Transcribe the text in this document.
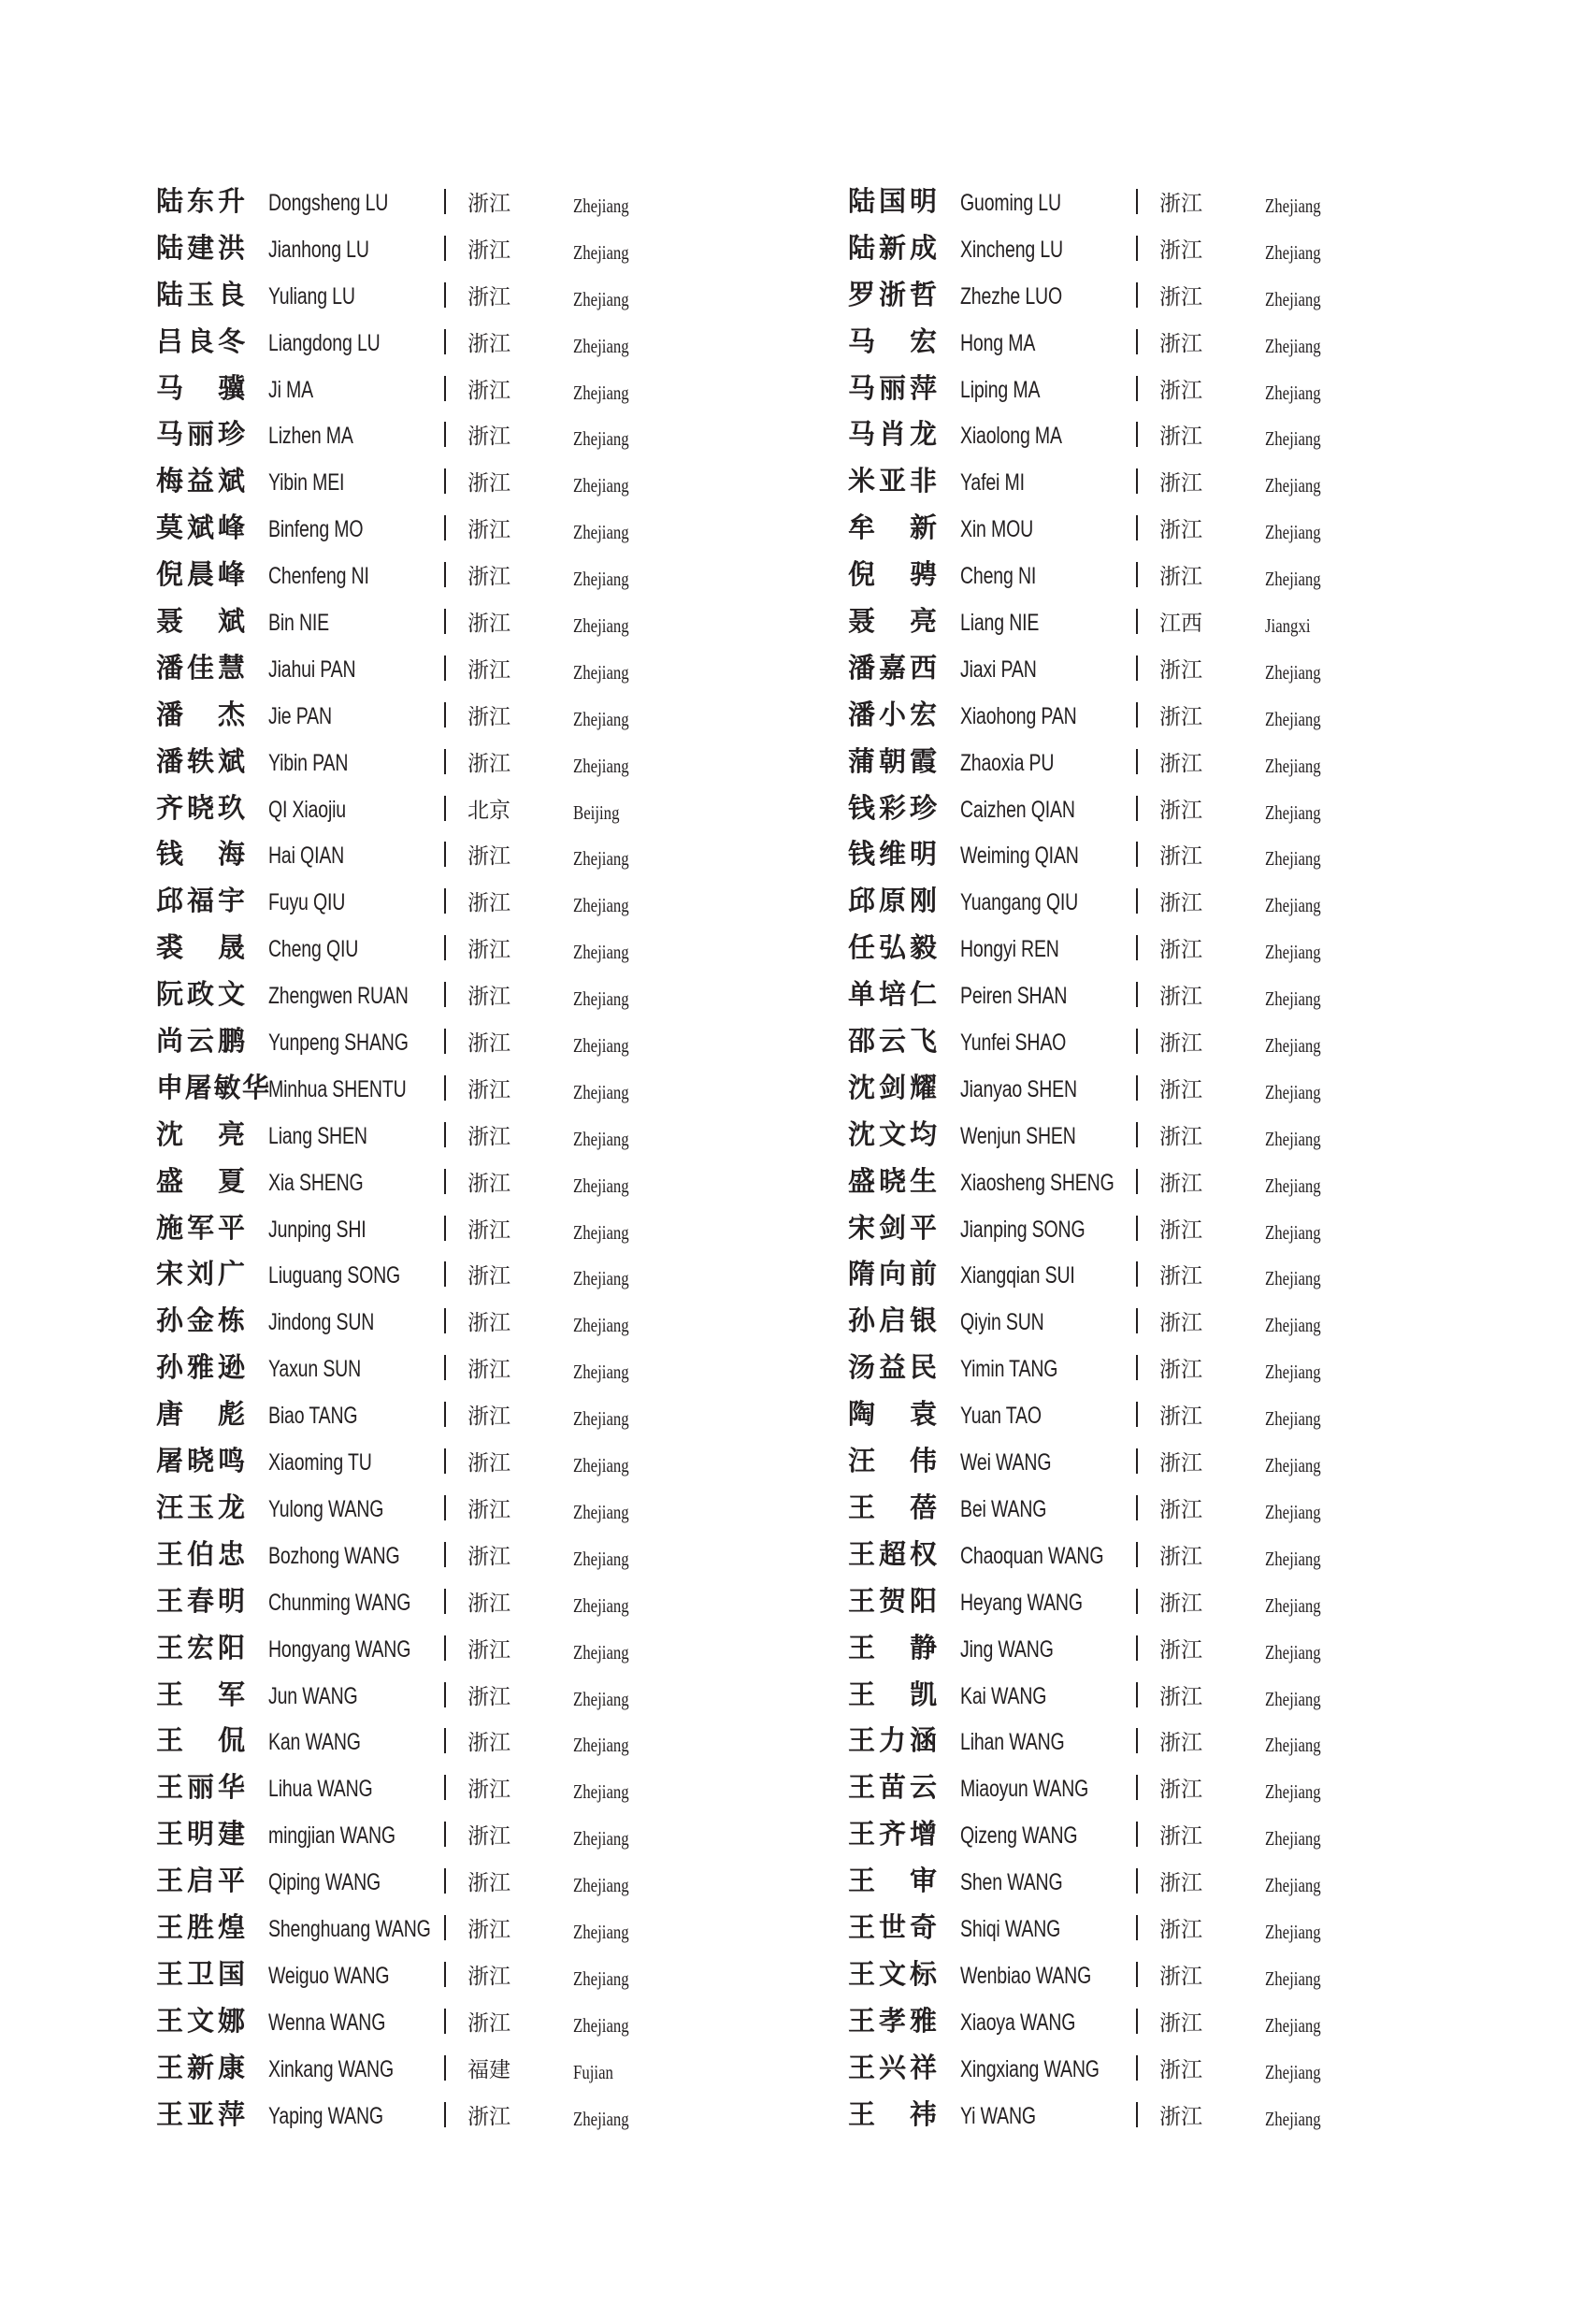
陆东升 Dongsheng LU	浙江	Zhejiang
陆建洪 Jianhong LU	浙江	Zhejiang
陆玉良 Yuliang LU	浙江	Zhejiang
吕良冬 Liangdong LU	浙江	Zhejiang
马 骥 Ji MA	浙江	Zhejiang
马丽珍 Lizhen MA	浙江	Zhejiang
梅益斌 Yibin MEI	浙江	Zhejiang
莫斌峰 Binfeng MO	浙江	Zhejiang
倪晨峰 Chenfeng NI	浙江	Zhejiang
聂 斌 Bin NIE	浙江	Zhejiang
潘佳慧 Jiahui PAN	浙江	Zhejiang
潘 杰 Jie PAN	浙江	Zhejiang
潘轶斌 Yibin PAN	浙江	Zhejiang
齐晓玖 QI Xiaojiu	北京	Beijing
钱 海 Hai QIAN	浙江	Zhejiang
邱福宇 Fuyu QIU	浙江	Zhejiang
裘 晟 Cheng QIU	浙江	Zhejiang
阮政文 Zhengwen RUAN	浙江	Zhejiang
尚云鹏 Yunpeng SHANG	浙江	Zhejiang
申屠敏华 Minhua SHENTU	浙江	Zhejiang
沈 亮 Liang SHEN	浙江	Zhejiang
盛 夏 Xia SHENG	浙江	Zhejiang
施军平 Junping SHI	浙江	Zhejiang
宋刘广 Liuguang SONG	浙江	Zhejiang
孙金栋 Jindong SUN	浙江	Zhejiang
孙雅逊 Yaxun SUN	浙江	Zhejiang
唐 彪 Biao TANG	浙江	Zhejiang
屠晓鸣 Xiaoming TU	浙江	Zhejiang
汪玉龙 Yulong WANG	浙江	Zhejiang
王伯忠 Bozhong WANG	浙江	Zhejiang
王春明 Chunming WANG	浙江	Zhejiang
王宏阳 Hongyang WANG	浙江	Zhejiang
王 军 Jun WANG	浙江	Zhejiang
王 侃 Kan WANG	浙江	Zhejiang
王丽华 Lihua WANG	浙江	Zhejiang
王明建 mingjian WANG	浙江	Zhejiang
王启平 Qiping WANG	浙江	Zhejiang
王胜煌 Shenghuang WANG 浙江	Zhejiang
王卫国 Weiguo WANG	浙江	Zhejiang
王文娜 Wenna WANG	浙江	Zhejiang
王新康 Xinkang WANG	福建	Fujian
王亚萍 Yaping WANG	浙江	Zhejiang
陆国明 Guoming LU	浙江	Zhejiang
陆新成 Xincheng LU	浙江	Zhejiang
罗浙哲 Zhezhe LUO	浙江	Zhejiang
马 宏 Hong MA	浙江	Zhejiang
马丽萍 Liping MA	浙江	Zhejiang
马肖龙 Xiaolong MA	浙江	Zhejiang
米亚非 Yafei MI	浙江	Zhejiang
牟 新 Xin MOU	浙江	Zhejiang
倪 骋 Cheng NI	浙江	Zhejiang
聂 亮 Liang NIE	江西	Jiangxi
潘嘉西 Jiaxi PAN	浙江	Zhejiang
潘小宏 Xiaohong PAN	浙江	Zhejiang
蒲朝霞 Zhaoxia PU	浙江	Zhejiang
钱彩珍 Caizhen QIAN	浙江	Zhejiang
钱维明 Weiming QIAN	浙江	Zhejiang
邱原刚 Yuangang QIU	浙江	Zhejiang
任弘毅 Hongyi REN	浙江	Zhejiang
单培仁 Peiren SHAN	浙江	Zhejiang
邵云飞 Yunfei SHAO	浙江	Zhejiang
沈剑耀 Jianyao SHEN	浙江	Zhejiang
沈文均 Wenjun SHEN	浙江	Zhejiang
盛晓生 Xiaosheng SHENG 浙江	Zhejiang
宋剑平 Jianping SONG	浙江	Zhejiang
隋向前 Xiangqian SUI	浙江	Zhejiang
孙启银 Qiyin SUN	浙江	Zhejiang
汤益民 Yimin TANG	浙江	Zhejiang
陶 袁 Yuan TAO	浙江	Zhejiang
汪 伟 Wei WANG	浙江	Zhejiang
王 蓓 Bei WANG	浙江	Zhejiang
王超权 Chaoquan WANG	浙江	Zhejiang
王贺阳 Heyang WANG	浙江	Zhejiang
王 静 Jing WANG	浙江	Zhejiang
王 凯 Kai WANG	浙江	Zhejiang
王力涵 Lihan WANG	浙江	Zhejiang
王苗云 Miaoyun WANG	浙江	Zhejiang
王齐增 Qizeng WANG	浙江	Zhejiang
王 审 Shen WANG	浙江	Zhejiang
王世奇 Shiqi WANG	浙江	Zhejiang
王文标 Wenbiao WANG	浙江	Zhejiang
王孝雅 Xiaoya WANG	浙江	Zhejiang
王兴祥 Xingxiang WANG	浙江	Zhejiang
王 祎 Yi WANG	浙江	Zhejiang
